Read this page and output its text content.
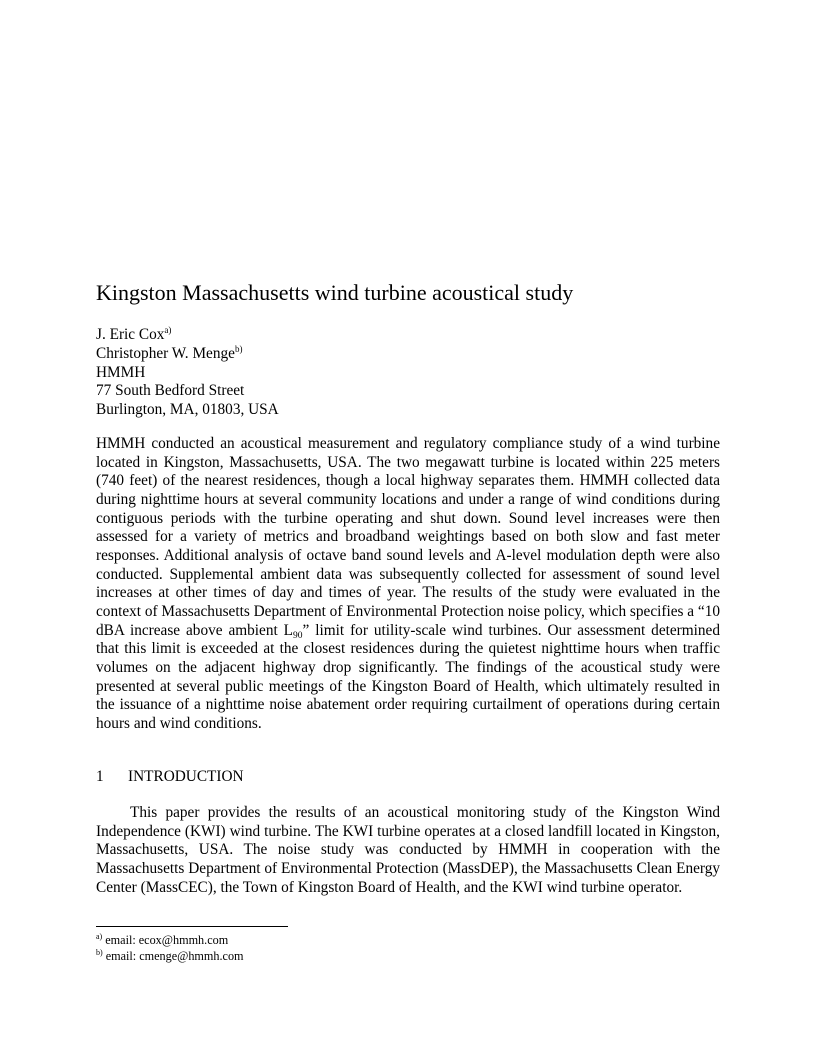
Kingston Massachusetts wind turbine acoustical study
J. Eric Cox$^{a)}$
Christopher W. Menge$^{b)}$
HMMH
77 South Bedford Street
Burlington, MA, 01803, USA

HMMH conducted an acoustical measurement and regulatory compliance study of a wind turbine located in Kingston, Massachusetts, USA. The two megawatt turbine is located within 225 meters (740 feet) of the nearest residences, though a local highway separates them. HMMH collected data during nighttime hours at several community locations and under a range of wind conditions during contiguous periods with the turbine operating and shut down. Sound level increases were then assessed for a variety of metrics and broadband weightings based on both slow and fast meter responses. Additional analysis of octave band sound levels and A-level modulation depth were also conducted. Supplemental ambient data was subsequently collected for assessment of sound level increases at other times of day and times of year. The results of the study were evaluated in the context of Massachusetts Department of Environmental Protection noise policy, which specifies a “10 dBA increase above ambient $L_{90}$” limit for utility-scale wind turbines. Our assessment determined that this limit is exceeded at the closest residences during the quietest nighttime hours when traffic volumes on the adjacent highway drop significantly. The findings of the acoustical study were presented at several public meetings of the Kingston Board of Health, which ultimately resulted in the issuance of a nighttime noise abatement order requiring curtailment of operations during certain hours and wind conditions.

1 INTRODUCTION

This paper provides the results of an acoustical monitoring study of the Kingston Wind Independence (KWI) wind turbine. The KWI turbine operates at a closed landfill located in Kingston, Massachusetts, USA. The noise study was conducted by HMMH in cooperation with the Massachusetts Department of Environmental Protection (MassDEP), the Massachusetts Clean Energy Center (MassCEC), the Town of Kingston Board of Health, and the KWI wind turbine operator.

$^{a)}$ email: ecox@hmmh.com
$^{b)}$ email: cmenge@hmmh.com
